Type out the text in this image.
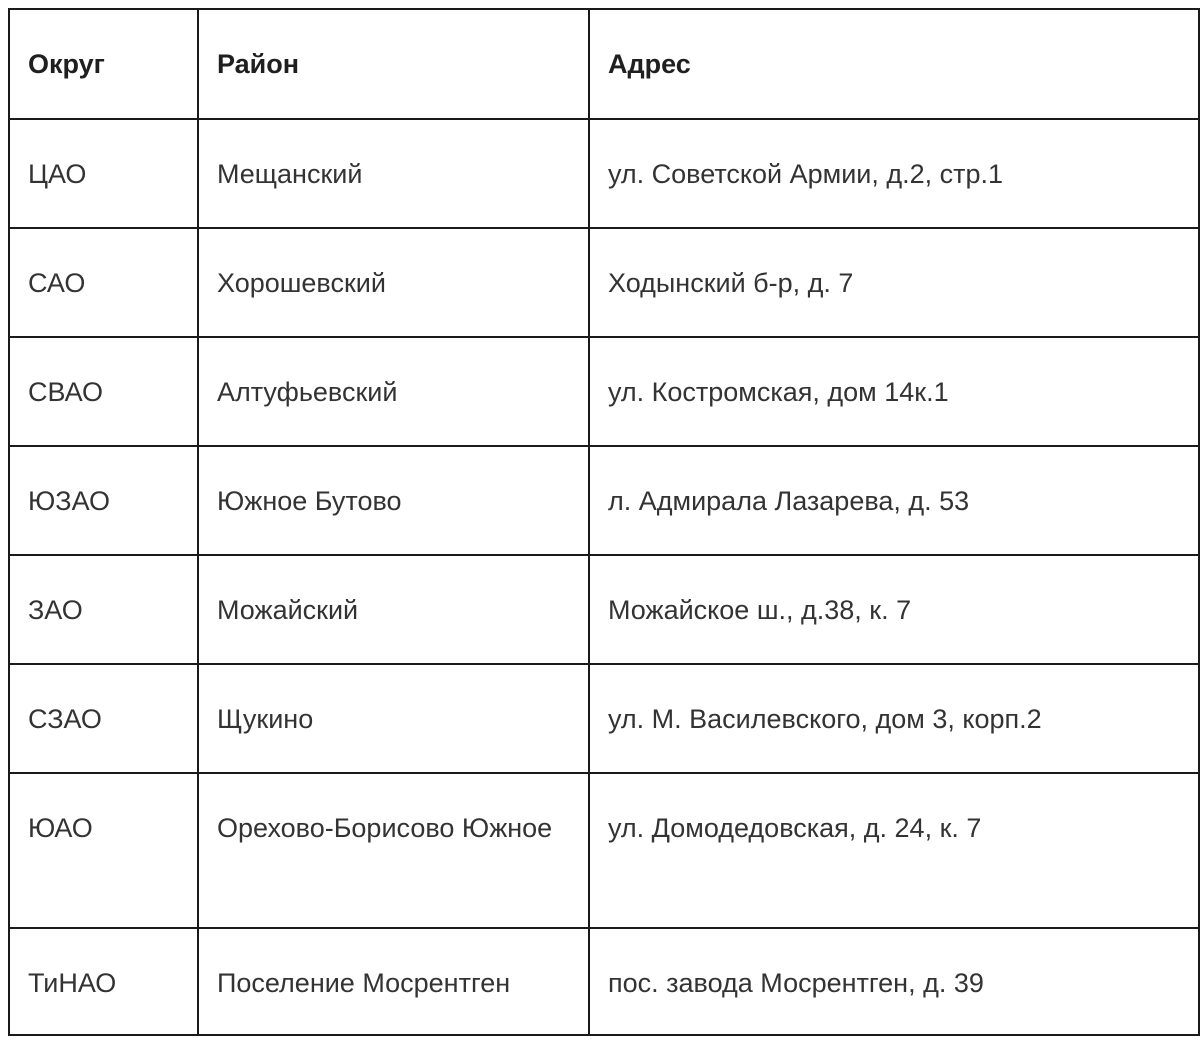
Округ	Район	Адрес
ЦАО	Мещанский	ул. Советской Армии, д.2, стр.1
САО	Хорошевский	Ходынский б-р, д. 7
СВАО	Алтуфьевский	ул. Костромская, дом 14к.1
ЮЗАО	Южное Бутово	л. Адмирала Лазарева, д. 53
ЗАО	Можайский	Можайское ш., д.38, к. 7
СЗАО	Щукино	ул. М. Василевского, дом 3, корп.2
ЮАО	Орехово-Борисово Южное	ул. Домодедовская, д. 24, к. 7
ТиНАО	Поселение Мосрентген	пос. завода Мосрентген, д. 39
